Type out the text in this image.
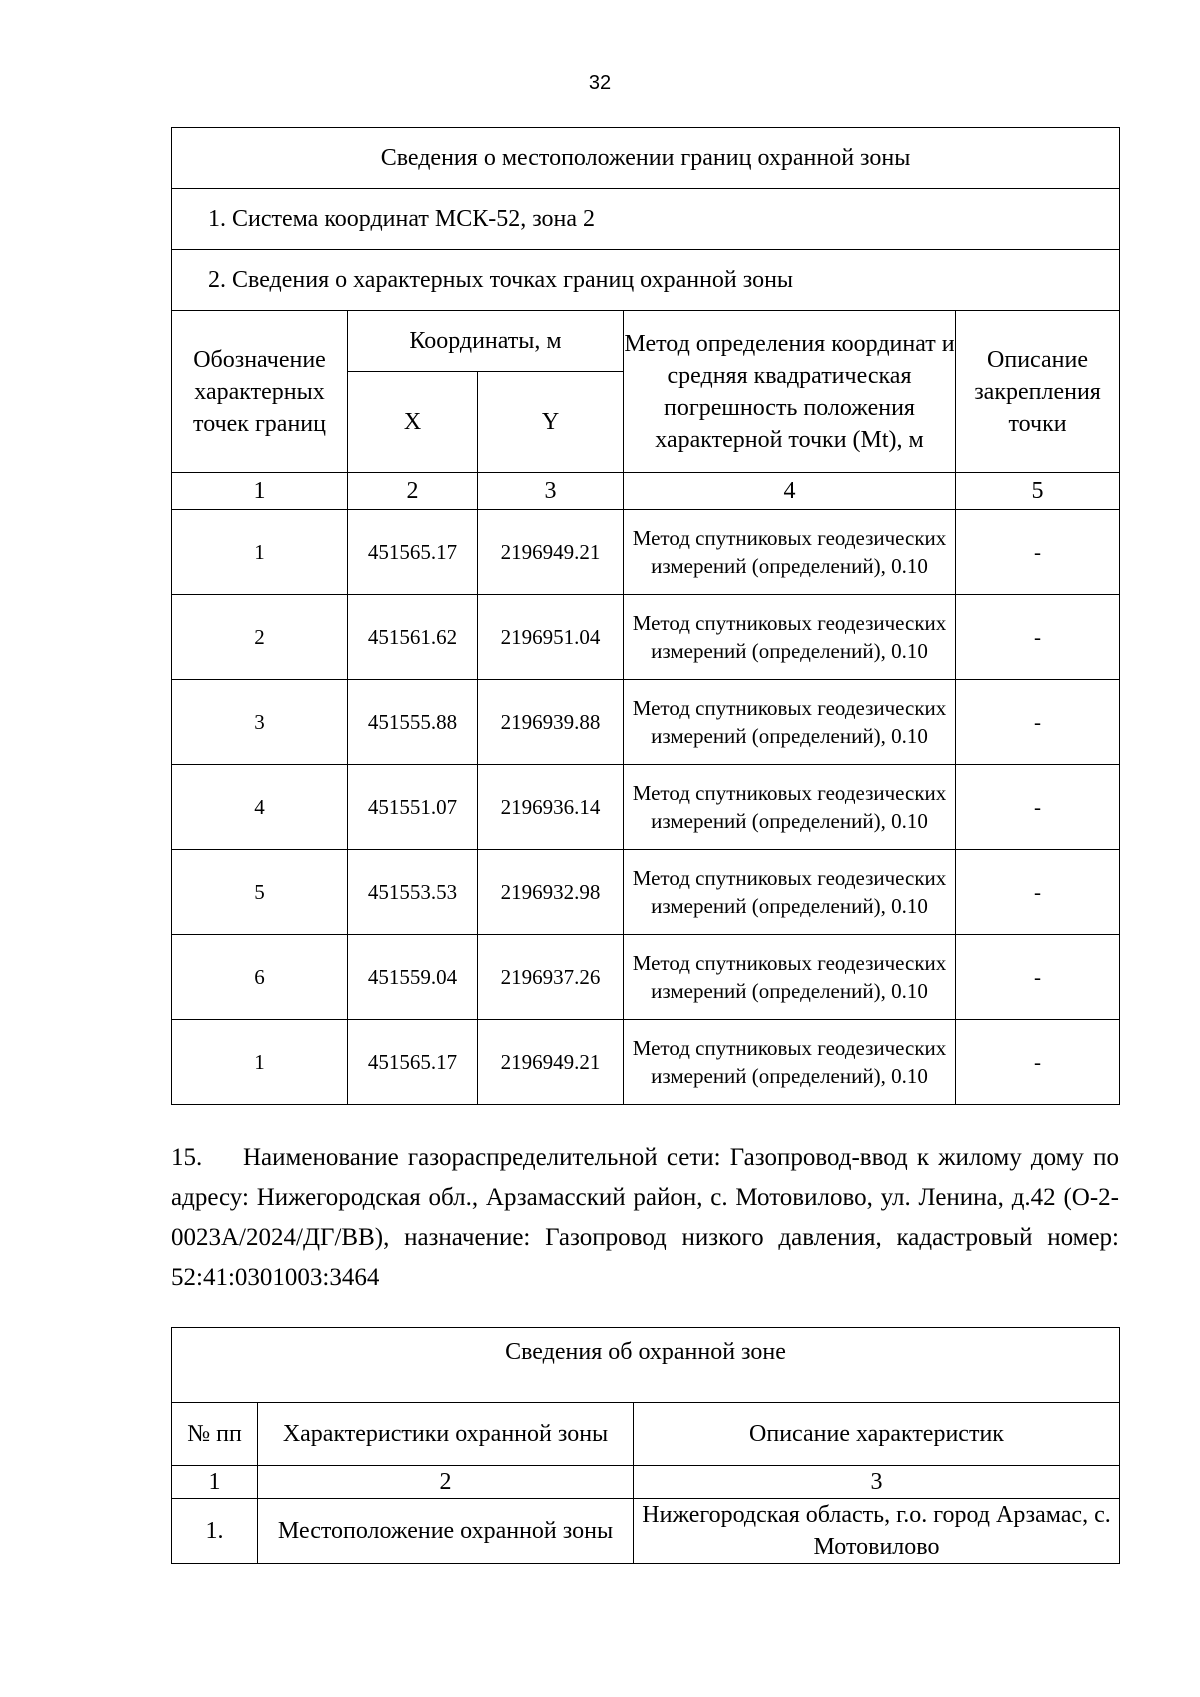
32
Сведения о местоположении границ охранной зоны				
1. Система координат МСК-52, зона 2				
2. Сведения о характерных точках границ охранной зоны				
Обозначение характерных точек границ	Координаты, м		Метод определения координат и средняя квадратическая погрешность положения характерной точки (Mt), м	Описание закрепления точки
	X	Y		
1	2	3	4	5
1	451565.17	2196949.21	Метод спутниковых геодезических измерений (определений), 0.10	-
2	451561.62	2196951.04	Метод спутниковых геодезических измерений (определений), 0.10	-
3	451555.88	2196939.88	Метод спутниковых геодезических измерений (определений), 0.10	-
4	451551.07	2196936.14	Метод спутниковых геодезических измерений (определений), 0.10	-
5	451553.53	2196932.98	Метод спутниковых геодезических измерений (определений), 0.10	-
6	451559.04	2196937.26	Метод спутниковых геодезических измерений (определений), 0.10	-
1	451565.17	2196949.21	Метод спутниковых геодезических измерений (определений), 0.10	-
15. Наименование газораспределительной сети: Газопровод-ввод к жилому дому по адресу: Нижегородская обл., Арзамасский район, с. Мотовилово, ул. Ленина, д.42 (О-2-0023А/2024/ДГ/ВВ), назначение: Газопровод низкого давления, кадастровый номер: 52:41:0301003:3464
Сведения об охранной зоне		
№ пп	Характеристики охранной зоны	Описание характеристик
1	2	3
1.	Местоположение охранной зоны	Нижегородская область, г.о. город Арзамас, с. Мотовилово
